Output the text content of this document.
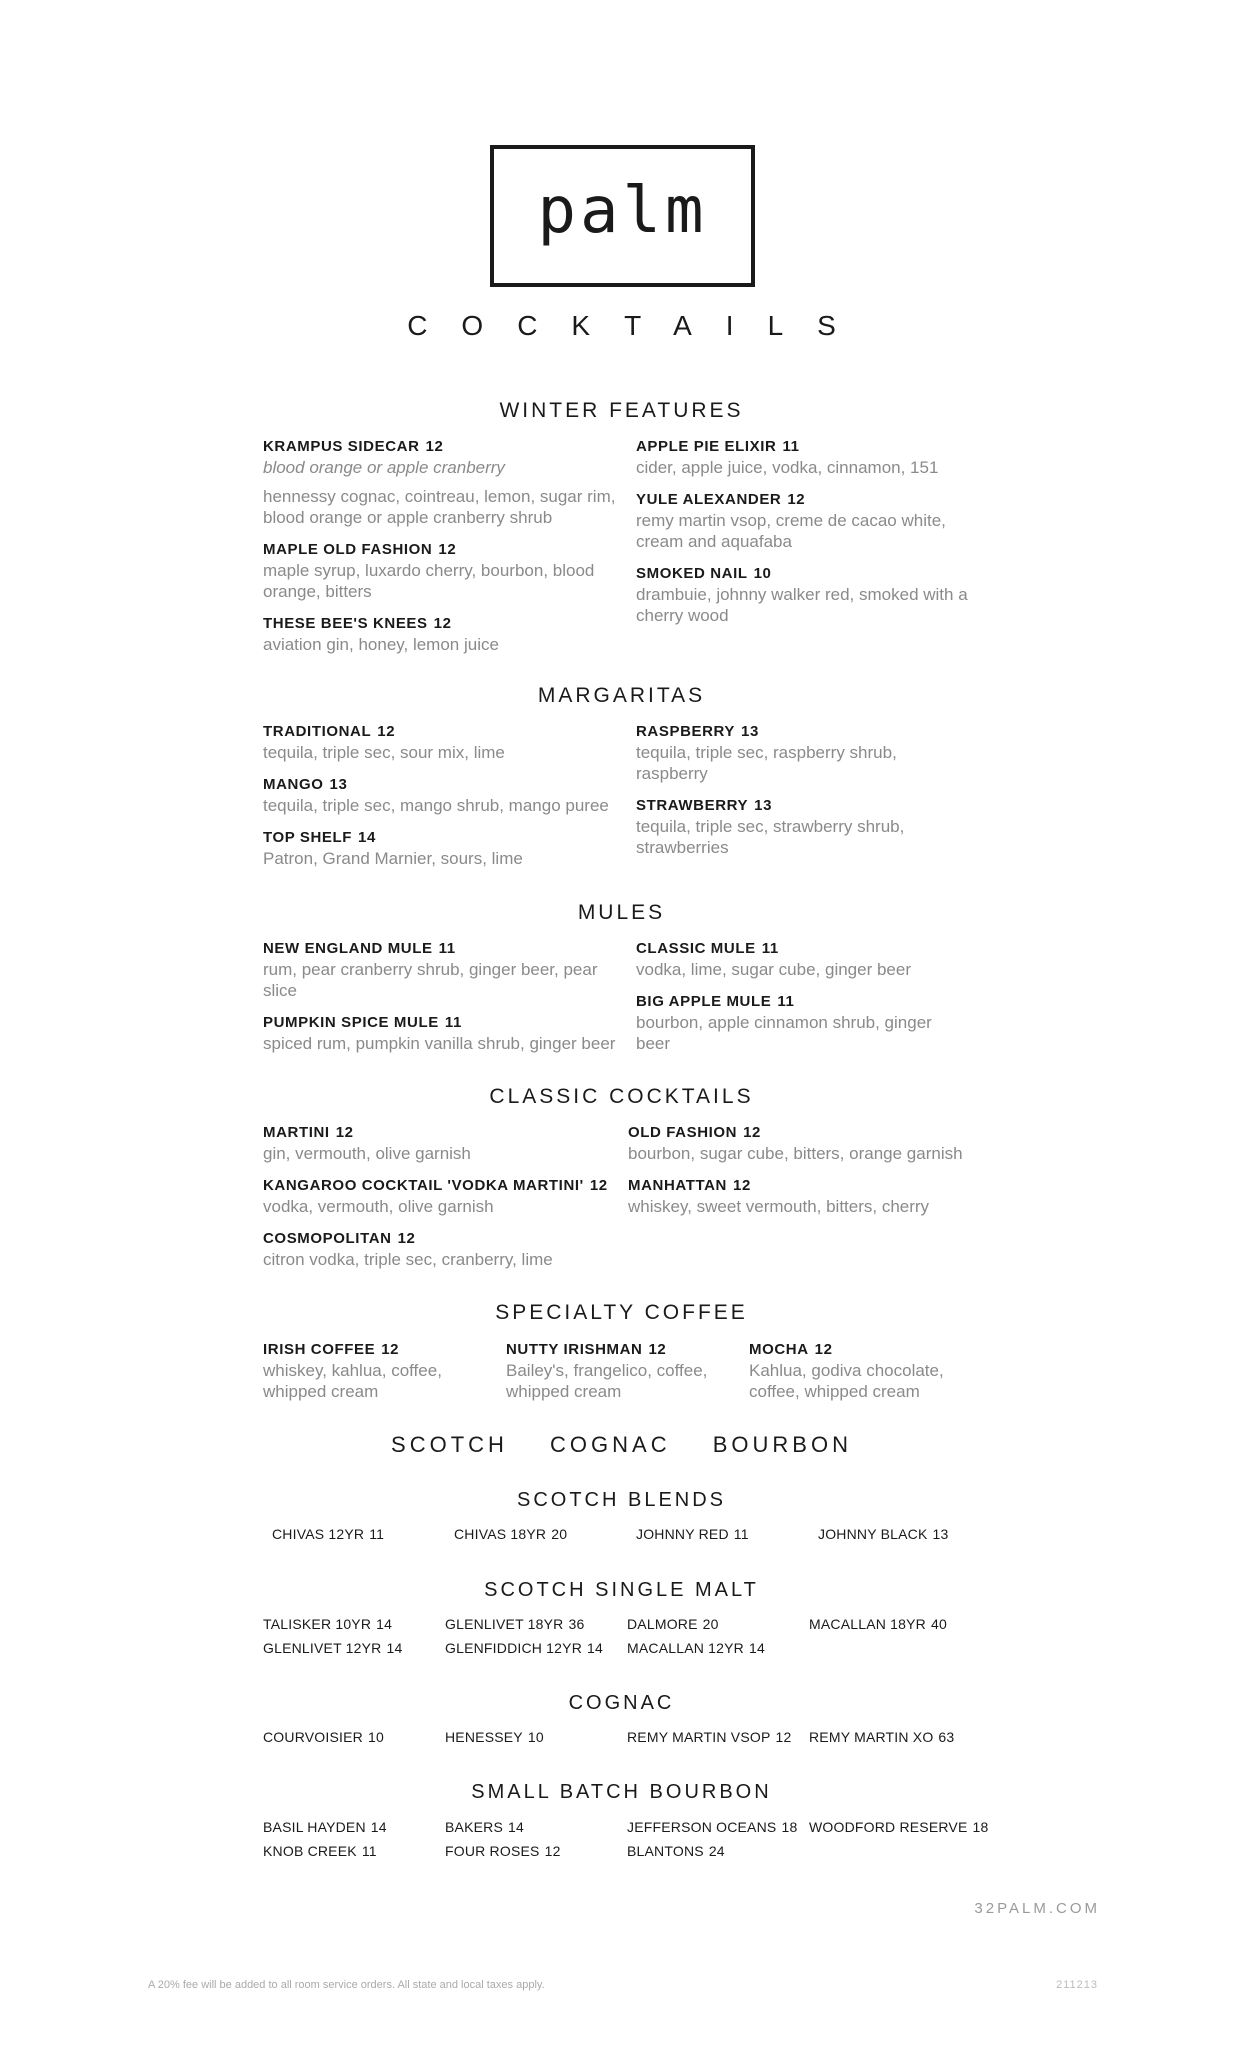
palm
COCKTAILS
WINTER FEATURES
KRAMPUS SIDECAR 12
blood orange or apple cranberry
hennessy cognac, cointreau, lemon, sugar rim, blood orange or apple cranberry shrub
MAPLE OLD FASHION 12
maple syrup, luxardo cherry, bourbon, blood orange, bitters
THESE BEE'S KNEES 12
aviation gin, honey, lemon juice
APPLE PIE ELIXIR 11
cider, apple juice, vodka, cinnamon, 151
YULE ALEXANDER 12
remy martin vsop, creme de cacao white, cream and aquafaba
SMOKED NAIL 10
drambuie, johnny walker red, smoked with a cherry wood
MARGARITAS
TRADITIONAL 12
tequila, triple sec, sour mix, lime
MANGO 13
tequila, triple sec, mango shrub, mango puree
TOP SHELF 14
Patron, Grand Marnier, sours, lime
RASPBERRY 13
tequila, triple sec, raspberry shrub, raspberry
STRAWBERRY 13
tequila, triple sec, strawberry shrub, strawberries
MULES
NEW ENGLAND MULE 11
rum, pear cranberry shrub, ginger beer, pear slice
PUMPKIN SPICE MULE 11
spiced rum, pumpkin vanilla shrub, ginger beer
CLASSIC MULE 11
vodka, lime, sugar cube, ginger beer
BIG APPLE MULE 11
bourbon, apple cinnamon shrub, ginger beer
CLASSIC COCKTAILS
MARTINI 12
gin, vermouth, olive garnish
KANGAROO COCKTAIL 'VODKA MARTINI' 12
vodka, vermouth, olive garnish
COSMOPOLITAN 12
citron vodka, triple sec, cranberry, lime
OLD FASHION 12
bourbon, sugar cube, bitters, orange garnish
MANHATTAN 12
whiskey, sweet vermouth, bitters, cherry
SPECIALTY COFFEE
IRISH COFFEE 12
whiskey, kahlua, coffee, whipped cream
NUTTY IRISHMAN 12
Bailey's, frangelico, coffee, whipped cream
MOCHA 12
Kahlua, godiva chocolate, coffee, whipped cream
SCOTCH COGNAC BOURBON
SCOTCH BLENDS
CHIVAS 12YR 11	CHIVAS 18YR 20	JOHNNY RED 11	JOHNNY BLACK 13
SCOTCH SINGLE MALT
TALISKER 10YR 14	GLENLIVET 18YR 36	DALMORE 20	MACALLAN 18YR 40
GLENLIVET 12YR 14	GLENFIDDICH 12YR 14	MACALLAN 12YR 14
COGNAC
COURVOISIER 10	HENESSEY 10	REMY MARTIN VSOP 12	REMY MARTIN XO 63
SMALL BATCH BOURBON
BASIL HAYDEN 14	BAKERS 14	JEFFERSON OCEANS 18 WOODFORD RESERVE 18
KNOB CREEK 11	FOUR ROSES 12	BLANTONS 24
32PALM.COM
A 20% fee will be added to all room service orders. All state and local taxes apply.	211213
